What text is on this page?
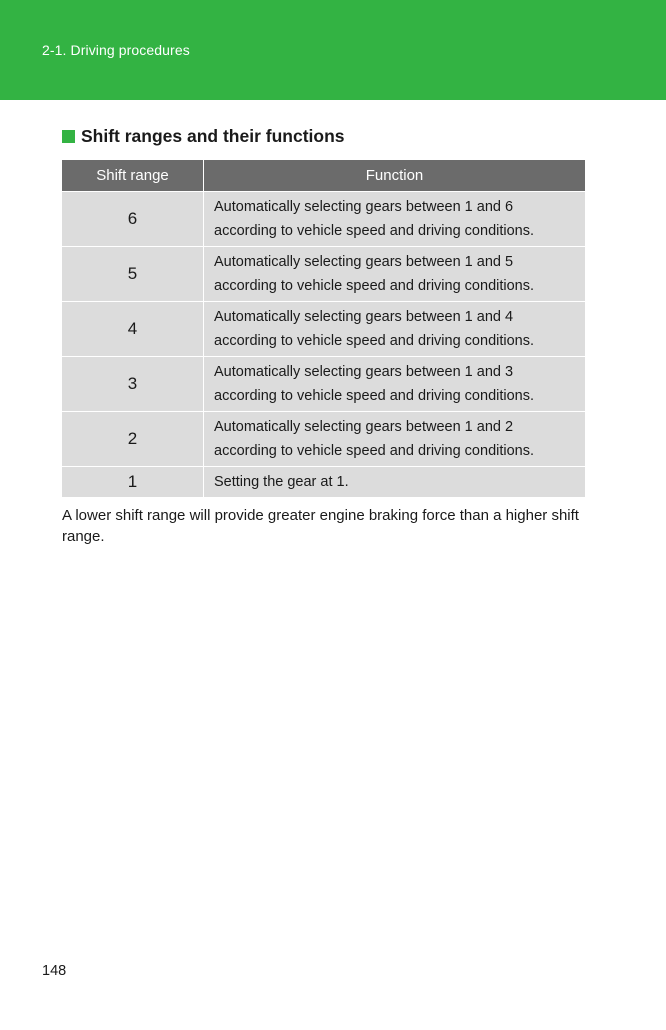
2-1. Driving procedures
Shift ranges and their functions
Shift range	Function
6	Automatically selecting gears between 1 and 6 according to vehicle speed and driving conditions.
5	Automatically selecting gears between 1 and 5 according to vehicle speed and driving conditions.
4	Automatically selecting gears between 1 and 4 according to vehicle speed and driving conditions.
3	Automatically selecting gears between 1 and 3 according to vehicle speed and driving conditions.
2	Automatically selecting gears between 1 and 2 according to vehicle speed and driving conditions.
1	Setting the gear at 1.
A lower shift range will provide greater engine braking force than a higher shift range.
148
